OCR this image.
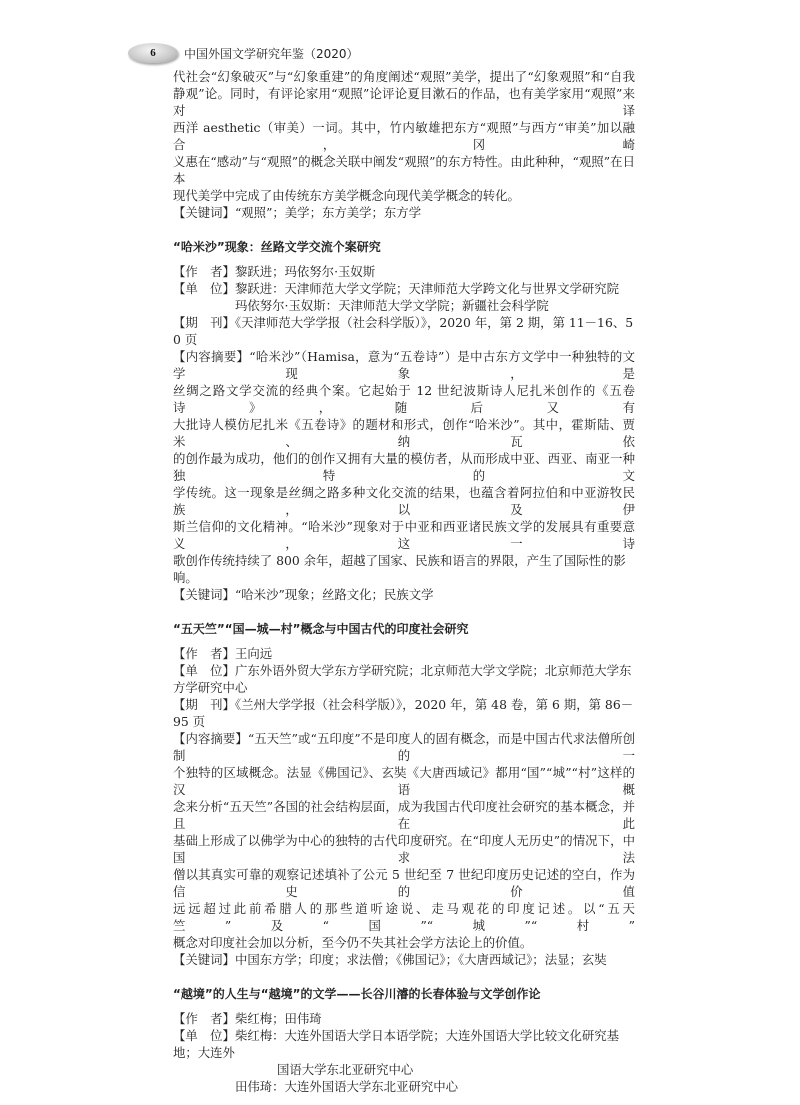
6	中国外国文学研究年鉴（2020）
代社会“幻象破灭”与“幻象重建”的角度阐述“观照”美学，提出了“幻象观照”和“自我
静观”论。同时，有评论家用“观照”论评论夏目漱石的作品，也有美学家用“观照”来对译
西洋 aesthetic（审美）一词。其中，竹内敏雄把东方“观照”与西方“审美”加以融合，冈崎
义惠在“感动”与“观照”的概念关联中阐发“观照”的东方特性。由此种种，“观照”在日本
现代美学中完成了由传统东方美学概念向现代美学概念的转化。
【关键词】“观照”；美学；东方美学；东方学
“哈米沙”现象：丝路文学交流个案研究
【作　者】黎跃进；玛依努尔·玉奴斯
【单　位】黎跃进：天津师范大学文学院；天津师范大学跨文化与世界文学研究院
玛依努尔·玉奴斯：天津师范大学文学院；新疆社会科学院
【期　刊】《天津师范大学学报（社会科学版）》，2020 年，第 2 期，第 11－16、50 页
【内容摘要】“哈米沙”（Hamisa，意为“五卷诗”）是中古东方文学中一种独特的文学现象，是
丝绸之路文学交流的经典个案。它起始于 12 世纪波斯诗人尼扎米创作的《五卷诗》，随后又有
大批诗人模仿尼扎米《五卷诗》的题材和形式，创作“哈米沙”。其中，霍斯陆、贾米、纳瓦依
的创作最为成功，他们的创作又拥有大量的模仿者，从而形成中亚、西亚、南亚一种独特的文
学传统。这一现象是丝绸之路多种文化交流的结果，也蕴含着阿拉伯和中亚游牧民族，以及伊
斯兰信仰的文化精神。“哈米沙”现象对于中亚和西亚诸民族文学的发展具有重要意义，这一诗
歌创作传统持续了 800 余年，超越了国家、民族和语言的界限，产生了国际性的影响。
【关键词】“哈米沙”现象；丝路文化；民族文学
“五天竺”“国—城—村”概念与中国古代的印度社会研究
【作　者】王向远
【单　位】广东外语外贸大学东方学研究院；北京师范大学文学院；北京师范大学东方学研究中心
【期　刊】《兰州大学学报（社会科学版）》，2020 年，第 48 卷，第 6 期，第 86－95 页
【内容摘要】“五天竺”或“五印度”不是印度人的固有概念，而是中国古代求法僧所创制的一
个独特的区域概念。法显《佛国记》、玄奘《大唐西域记》都用“国”“城”“村”这样的汉语概
念来分析“五天竺”各国的社会结构层面，成为我国古代印度社会研究的基本概念，并且在此
基础上形成了以佛学为中心的独特的古代印度研究。在“印度人无历史”的情况下，中国求法
僧以其真实可靠的观察记述填补了公元 5 世纪至 7 世纪印度历史记述的空白，作为信史的价值
远远超过此前希腊人的那些道听途说、走马观花的印度记述。以“五天竺”及“国”“城”“村”
概念对印度社会加以分析，至今仍不失其社会学方法论上的价值。
【关键词】中国东方学；印度；求法僧；《佛国记》；《大唐西域记》；法显；玄奘
“越境”的人生与“越境”的文学——长谷川濬的长春体验与文学创作论
【作　者】柴红梅；田伟琦
【单　位】柴红梅：大连外国语大学日本语学院；大连外国语大学比较文化研究基地；大连外
国语大学东北亚研究中心
田伟琦：大连外国语大学东北亚研究中心
